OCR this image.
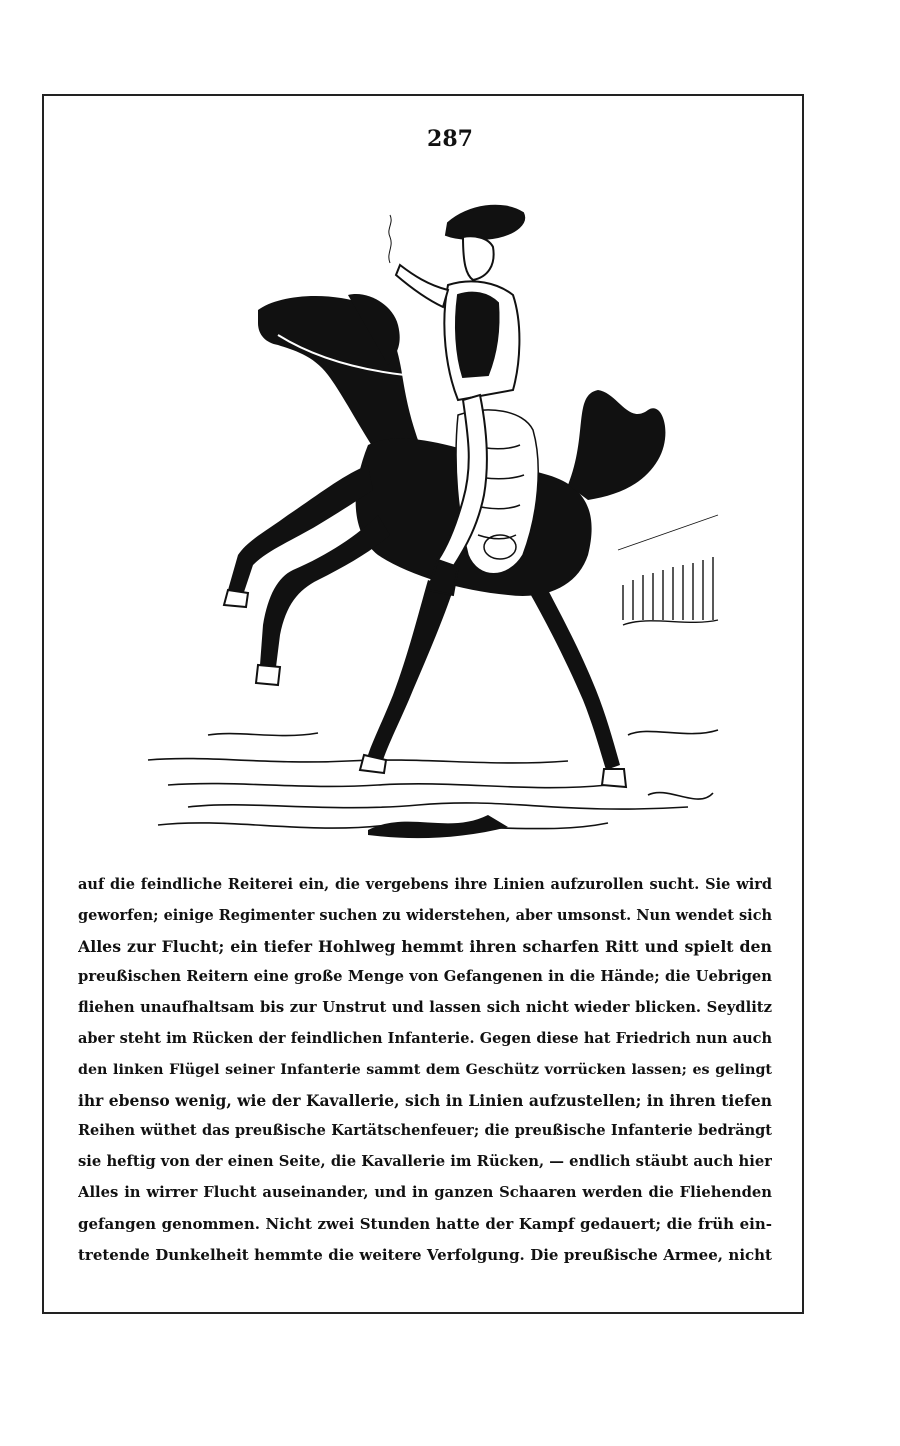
287
auf die feindliche Reiterei ein, die vergebens ihre Linien aufzurollen sucht. Sie wird
geworfen; einige Regimenter suchen zu widerstehen, aber umsonst. Nun wendet sich
Alles zur Flucht; ein tiefer Hohlweg hemmt ihren scharfen Ritt und spielt den
preußischen Reitern eine große Menge von Gefangenen in die Hände; die Uebrigen
fliehen unaufhaltsam bis zur Unstrut und lassen sich nicht wieder blicken. Seydlitz
aber steht im Rücken der feindlichen Infanterie. Gegen diese hat Friedrich nun auch
den linken Flügel seiner Infanterie sammt dem Geschütz vorrücken lassen; es gelingt
ihr ebenso wenig, wie der Kavallerie, sich in Linien aufzustellen; in ihren tiefen
Reihen wüthet das preußische Kartätschenfeuer; die preußische Infanterie bedrängt
sie heftig von der einen Seite, die Kavallerie im Rücken, — endlich stäubt auch hier
Alles in wirrer Flucht auseinander, und in ganzen Schaaren werden die Fliehenden
gefangen genommen. Nicht zwei Stunden hatte der Kampf gedauert; die früh ein-
tretende Dunkelheit hemmte die weitere Verfolgung. Die preußische Armee, nicht
